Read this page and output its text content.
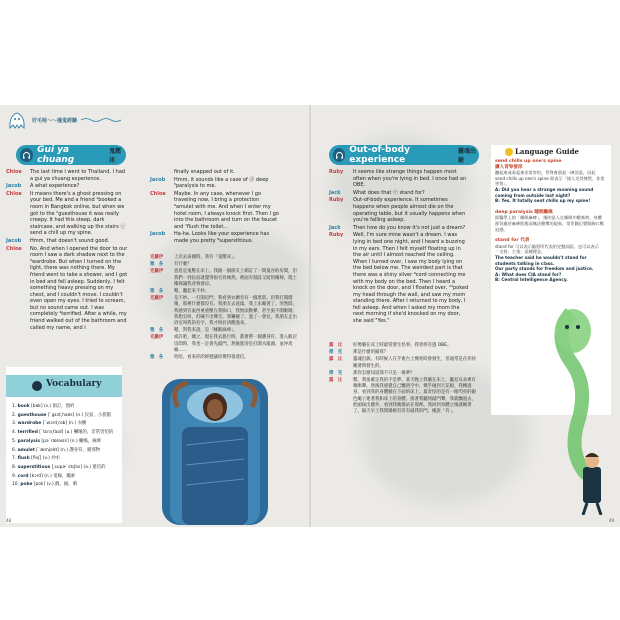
好毛啥～～撞鬼經驗
Gui ya chuang
鬼壓床
Chloe	The last time I went to Thailand, I had a gui ya chuang experience.
Jacob	A what experience?
Chloe	It means there's a ghost pressing on your bed. Me and a friend ¹booked a room in Bangkok online, but when we got to the ²guesthouse it was really creepy. It had this steep, dark staircase, and walking up the stairs ⓒ send a chill up my spine.
Jacob	Hmm, that doesn't sound good.
Chloe	No. And when I opened the door to our room I saw a dark shadow next to the ³wardrobe. But when I turned on the light, there was nothing there. My friend went to take a shower, and I got in bed and fell asleep. Suddenly, I felt something heavy pressing on my chest, and I couldn't move. I couldn't even open my eyes. I tried to scream, but no sound came out. I was completely ⁴terrified. After a while, my friend walked out of the bathroom and called my name, and I
finally snapped out of it.
Jacob	Hmm, it sounds like a case of ⓓ deep ⁵paralysis to me.
Chloe	Maybe. In any case, whenever I go traveling now, I bring a protection ⁶amulet with me. And when I enter my hotel room, I always knock first. Then I go into the bathroom and turn on the faucet and ⁷flush the toilet...
Jacob	Ha-ha. Looks like your experience has made you pretty ⁸superstitious.
克蘿伊	上次去泰國時，我有「鬼壓床」。
雅　各	有什麼？
克蘿伊	意思是鬼壓在床上。我跟一個朋友上網訂了一間曼谷的房間，但我們一到民宿就覺得很毛骨悚然。裡面有很陡又暗的樓梯，爬上樓梯讓我背脊發涼。
雅　各	嗯，聽起來不妙。
克蘿伊	是不妙。一打開房門，我看到衣櫥旁有一個黑影。但我打開燈後，那裡什麼都沒有。我朋友去洗澡，我上床睡著了。突然間，我感到有東西重重壓在我胸口，我無法動彈，甚至張不開眼睛。我想尖叫，但喊不出聲音。我嚇壞了。過了一會兒，我朋友走出浴室叫我的名字，我才終於清醒過來。
雅　各	嗯，對我來說，是「睡眠麻痺」。
克蘿伊	或許吧。總之，現在我去旅行時，都會帶一個護身符。進入飯店房間時，我也一定會先敲門。然後進浴室打開水龍頭，並沖馬桶……
雅　各	哈哈，看來你的經歷讓你變得很迷信。
Vocabulary
1. book [bʊk] (v.) 預訂，預約
2. guesthouse [ˋgɛst͵haʊs] (n.) 民宿，小旅館
3. wardrobe [ˋwɔrd͵rob] (n.) 衣櫥
4. terrified [ˋtɛrə͵faɪd] (a.) 嚇壞的，非常害怕的
5. paralysis [pəˋræləsɪs] (n.) 癱瘓，麻痺
6. amulet [ˋæmjəlɪt] (n.) 護身符，避邪物
7. flush [flʌʃ] (v.) 沖水
8. superstitious [͵supɚˋstɪʃəs] (a.) 迷信的
9. cord [kɔrd] (n.) 電線，繩索
10. poke [pok] (v.) 戳，捅，刺
48
Out-of-body experience
靈魂出竅
Ruby	It seems like strange things happen most often when you're lying in bed. I once had an OBE.
Jack	What does that ⓔ stand for?
Ruby	Out-of-body experience. It sometimes happens when people almost die on the operating table, but it usually happens when you're falling asleep.
Jack	Then how do you know it's not just a dream?
Ruby	Well, I'm sure mine wasn't a dream. I was lying in bed one night, and I heard a buzzing in my ears. Then I felt myself floating up in the air until I almost reached the ceiling. When I turned over, I saw my body lying on the bed below me. The weirdest part is that there was a shiny silver ⁹cord connecting me with my body on the bed. Then I heard a knock on the door, and I floated over, ¹⁰poked my head through the wall, and saw my mom standing there. After I returned to my body, I fell asleep. And when I asked my mom the next morning if she'd knocked on my door, she said "Yes."
露　比	好像躺在床上時最常發生怪事。我曾經有過 OBE。
傑　克	那是什麼的縮寫？
露　比	靈魂出竅。有時候人在手術台上瀕死時會發生，但通常是在你快睡著時發生的。
傑　克	那你怎麼知道那不只是一場夢？
露　比	嗯，我很確定我的不是夢。某天晚上我躺在床上，聽見耳朵裡有嗡嗡聲。然後我感覺自己飄到空中，幾乎碰到天花板。我轉過身，看到我的身體躺在下面的床上。最奇怪的是有一條閃亮的銀色繩子連著我和床上的身體。接著我聽到敲門聲，我就飄過去，把頭探出牆外，看到我媽媽站在那裡。我回到身體之後就睡著了。隔天早上我問媽媽有沒有敲我的門，她說「有」。
Language Guide
send chills up one's spine
讓人背脊發涼
聽起來或看起來非常害怕，背脊會竄起一陣涼意，因此 send chills up one's spine 即表示「使人毛骨悚然、非常害怕」。
A: Did you hear a strange moaning sound coming from outside last night?
B: Yes. It totally sent chills up my spine!
deep paralysis 睡眠癱瘓
即醫學上的「睡眠麻痺」，指的是人在睡眠中醒來時，身體卻仍處於麻痺狀態而無法動彈的現象，常伴隨幻覺與胸口壓迫感。
stand for 代表
stand for 可以表示縮寫所代表的完整詞語，也可以表示「支持、主張」某種理念。
The teacher said he wouldn't stand for students talking in class.
Our party stands for freedom and justice.
A: What does CIA stand for?
B: Central Intelligence Agency.
49
